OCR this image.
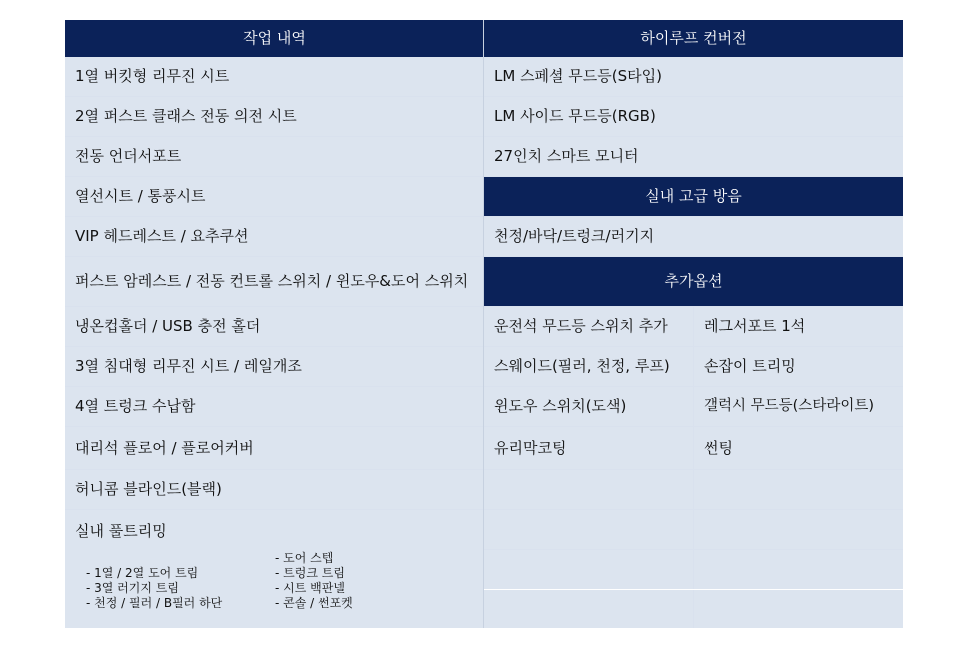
작업 내역	하이루프 컨버전
1열 버킷형 리무진 시트
2열 퍼스트 클래스 전동 의전 시트
전동 언더서포트
열선시트 / 통풍시트
VIP 헤드레스트 / 요추쿠션
퍼스트 암레스트 / 전동 컨트롤 스위치 / 윈도우&도어 스위치
냉온컵홀더 / USB 충전 홀더
3열 침대형 리무진 시트 / 레일개조
4열 트렁크 수납함
대리석 플로어 / 플로어커버
허니콤 블라인드(블랙)
실내 풀트리밍
- 1열 / 2열 도어 트림
- 3열 러기지 트림
- 천정 / 필러 / B필러 하단
- 도어 스텝
- 트렁크 트림
- 시트 백판넬
- 콘솔 / 썬포켓
LM 스페셜 무드등(S타입)
LM 사이드 무드등(RGB)
27인치 스마트 모니터
실내 고급 방음
천정/바닥/트렁크/러기지
추가옵션
운전석 무드등 스위치 추가	레그서포트 1석
스웨이드(필러, 천정, 루프)	손잡이 트리밍
윈도우 스위치(도색)	갤럭시 무드등(스타라이트)
유리막코팅	썬팅
